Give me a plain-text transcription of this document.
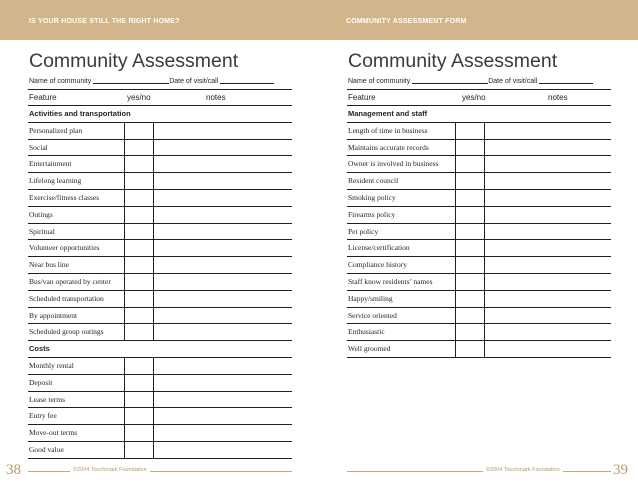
IS YOUR HOUSE STILL THE RIGHT HOME?	COMMUNITY ASSESSMENT FORM
Community Assessment
Name of community	Date of visit/call
Feature	yes/no	notes
Activities and transportation
Personalized plan
Social
Entertainment
Lifelong learning
Exercise/fitness classes
Outings
Spiritual
Volunteer opportunities
Near bus line
Bus/van operated by center
Scheduled transportation
By appointment
Scheduled group outings
Costs
Monthly rental
Deposit
Lease terms
Entry fee
Move-out terms
Good value
38	©2004 Touchmark Foundation
Community Assessment
Name of community	Date of visit/call
Feature	yes/no	notes
Management and staff
Length of time in business
Maintains accurate records
Owner is involved in business
Resident council
Smoking policy
Firearms policy
Pet policy
License/certification
Compliance history
Staff know residents’ names
Happy/smiling
Service oriented
Enthusiastic
Well groomed
39
©2004 Touchmark Foundation
